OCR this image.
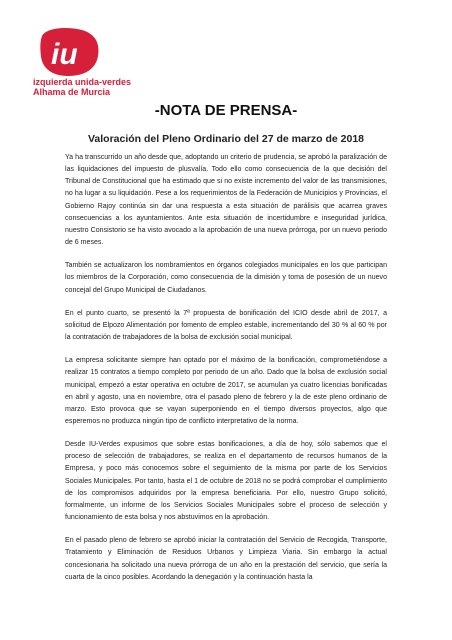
iu
izquierda unida-verdes
Alhama de Murcia
-NOTA DE PRENSA-
Valoración del Pleno Ordinario del 27 de marzo de 2018

Ya ha transcurrido un año desde que, adoptando un criterio de prudencia, se aprobó la paralización de las liquidaciones del impuesto de plusvalía. Todo ello como consecuencia de la que decisión del Tribunal de Constitucional que ha estimado que si no existe incremento del valor de las transmisiones, no ha lugar a su liquidación. Pese a los requerimientos de la Federación de Municipios y Provincias, el Gobierno Rajoy continúa sin dar una respuesta a esta situación de parálisis que acarrea graves consecuencias a los ayuntamientos. Ante esta situación de incertidumbre e inseguridad jurídica, nuestro Consistorio se ha visto avocado a la aprobación de una nueva prórroga, por un nuevo periodo de 6 meses.

También se actualizaron los nombramientos en órganos colegiados municipales en los que participan los miembros de la Corporación, como consecuencia de la dimisión y toma de posesión de un nuevo concejal del Grupo Municipal de Ciudadanos.

En el punto cuarto, se presentó la 7ª propuesta de bonificación del ICIO desde abril de 2017, a solicitud de Elpozo Alimentación por fomento de empleo estable, incrementando del 30 % al 60 % por la contratación de trabajadores de la bolsa de exclusión social municipal.

La empresa solicitante siempre han optado por el máximo de la bonificación, comprometiéndose a realizar 15 contratos a tiempo completo por periodo de un año. Dado que la bolsa de exclusión social municipal, empezó a estar operativa en octubre de 2017, se acumulan ya cuatro licencias bonificadas en abril y agosto, una en noviembre, otra el pasado pleno de febrero y la de este pleno ordinario de marzo. Esto provoca que se vayan superponiendo en el tiempo diversos proyectos, algo que esperemos no produzca ningún tipo de conflicto interpretativo de la norma.

Desde IU-Verdes expusimos que sobre estas bonificaciones, a día de hoy, sólo sabemos que el proceso de selección de trabajadores, se realiza en el departamento de recursos humanos de la Empresa, y poco más conocemos sobre el seguimiento de la misma por parte de los Servicios Sociales Municipales. Por tanto, hasta el 1 de octubre de 2018 no se podrá comprobar el cumplimiento de los compromisos adquiridos por la empresa beneficiaria. Por ello, nuestro Grupo solicitó, formalmente, un informe de los Servicios Sociales Municipales sobre el proceso de selección y funcionamiento de esta bolsa y nos abstuvimos en la aprobación.

En el pasado pleno de febrero se aprobó iniciar la contratación del Servicio de Recogida, Transporte, Tratamiento y Eliminación de Residuos Urbanos y Limpieza Viaria. Sin embargo la actual concesionaria ha solicitado una nueva prórroga de un año en la prestación del servicio, que sería la cuarta de la cinco posibles. Acordando la denegación y la continuación hasta la
